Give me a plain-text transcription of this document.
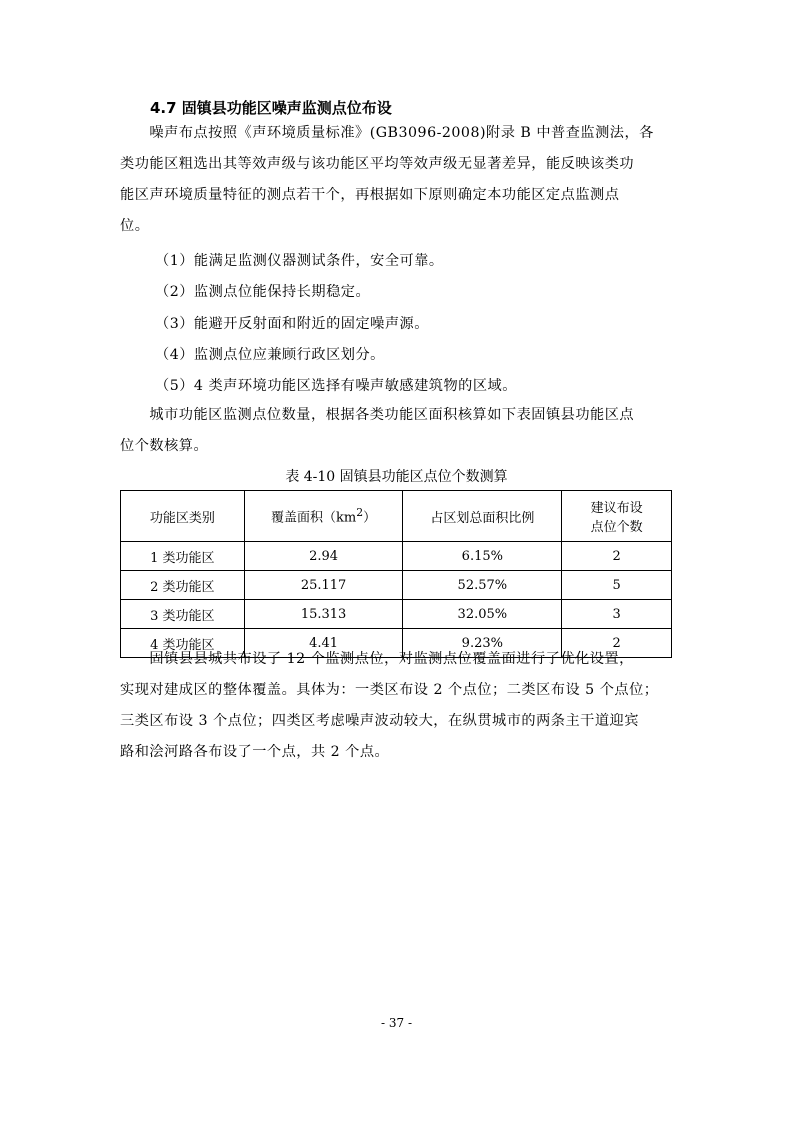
4.7 固镇县功能区噪声监测点位布设
　　噪声布点按照《声环境质量标准》(GB3096-2008)附录 B 中普查监测法，各
类功能区粗选出其等效声级与该功能区平均等效声级无显著差异，能反映该类功
能区声环境质量特征的测点若干个，再根据如下原则确定本功能区定点监测点
位。
（1）能满足监测仪器测试条件，安全可靠。
（2）监测点位能保持长期稳定。
（3）能避开反射面和附近的固定噪声源。
（4）监测点位应兼顾行政区划分。
（5）4 类声环境功能区选择有噪声敏感建筑物的区域。
　　城市功能区监测点位数量，根据各类功能区面积核算如下表固镇县功能区点
位个数核算。
表 4-10 固镇县功能区点位个数测算
功能区类别	覆盖面积$(km^2)$	占区划总面积比例	建议布设
点位个数

1 类功能区	2.94	6.15%	2
2 类功能区	25.117	52.57%	5
3 类功能区	15.313	32.05%	3
4 类功能区	4.41	9.23%	2
　　固镇县县城共布设了 12 个监测点位，对监测点位覆盖面进行了优化设置，
实现对建成区的整体覆盖。具体为：一类区布设 2 个点位；二类区布设 5 个点位；
三类区布设 3 个点位；四类区考虑噪声波动较大，在纵贯城市的两条主干道迎宾
路和浍河路各布设了一个点，共 2 个点。
- 37 -
